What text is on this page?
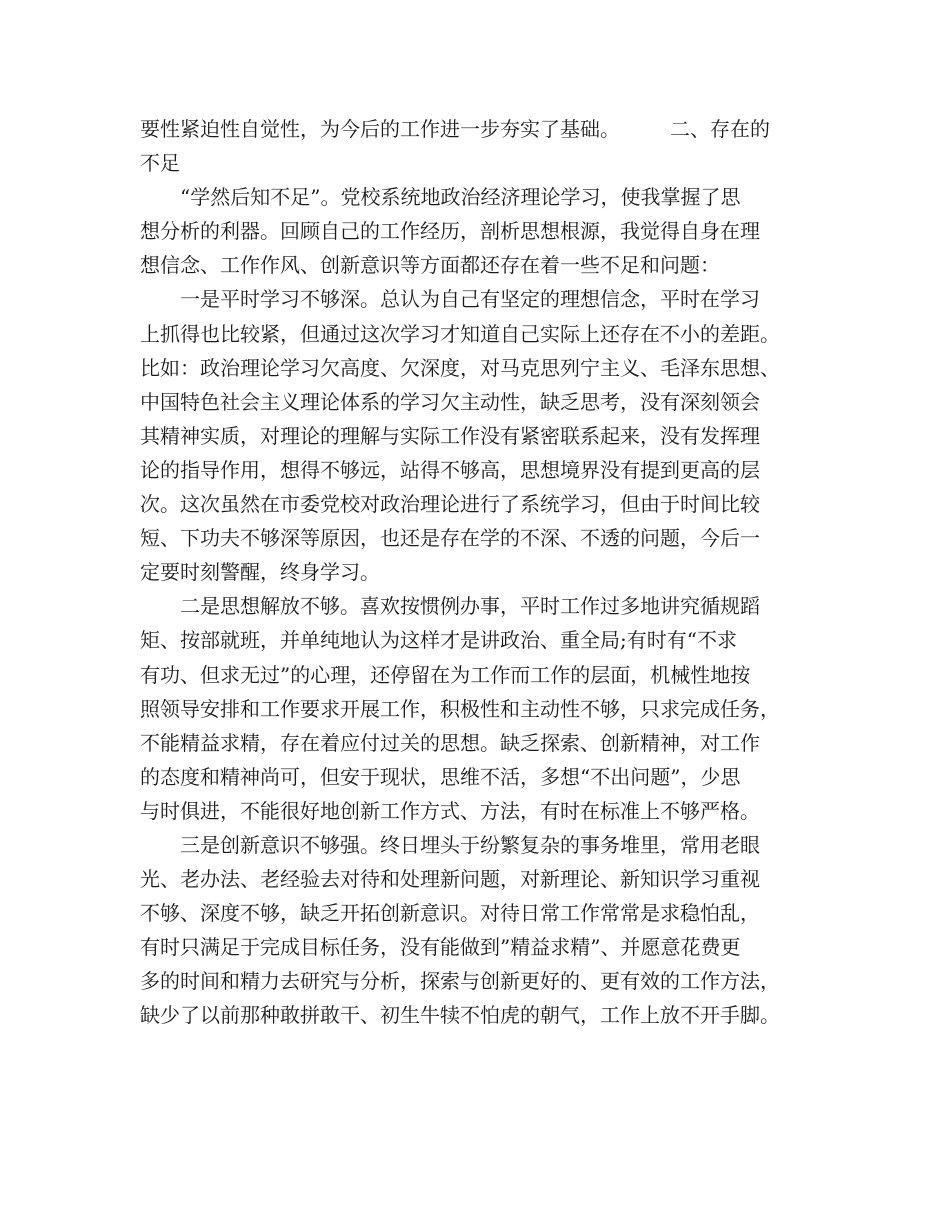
要性紧迫性自觉性，为今后的工作进一步夯实了基础。　　　二、存在的
不足
　　“学然后知不足”。党校系统地政治经济理论学习，使我掌握了思
想分析的利器。回顾自己的工作经历，剖析思想根源，我觉得自身在理
想信念、工作作风、创新意识等方面都还存在着一些不足和问题：
　　一是平时学习不够深。总认为自己有坚定的理想信念，平时在学习
上抓得也比较紧，但通过这次学习才知道自己实际上还存在不小的差距。
比如：政治理论学习欠高度、欠深度，对马克思列宁主义、毛泽东思想、
中国特色社会主义理论体系的学习欠主动性，缺乏思考，没有深刻领会
其精神实质，对理论的理解与实际工作没有紧密联系起来，没有发挥理
论的指导作用，想得不够远，站得不够高，思想境界没有提到更高的层
次。这次虽然在市委党校对政治理论进行了系统学习，但由于时间比较
短、下功夫不够深等原因，也还是存在学的不深、不透的问题，今后一
定要时刻警醒，终身学习。
　　二是思想解放不够。喜欢按惯例办事，平时工作过多地讲究循规蹈
矩、按部就班，并单纯地认为这样才是讲政治、重全局;有时有“不求
有功、但求无过”的心理，还停留在为工作而工作的层面，机械性地按
照领导安排和工作要求开展工作，积极性和主动性不够，只求完成任务，
不能精益求精，存在着应付过关的思想。缺乏探索、创新精神，对工作
的态度和精神尚可，但安于现状，思维不活，多想“不出问题”，少思
与时俱进，不能很好地创新工作方式、方法，有时在标准上不够严格。
　　三是创新意识不够强。终日埋头于纷繁复杂的事务堆里，常用老眼
光、老办法、老经验去对待和处理新问题，对新理论、新知识学习重视
不够、深度不够，缺乏开拓创新意识。对待日常工作常常是求稳怕乱，
有时只满足于完成目标任务，没有能做到”精益求精”、并愿意花费更
多的时间和精力去研究与分析，探索与创新更好的、更有效的工作方法，
缺少了以前那种敢拼敢干、初生牛犊不怕虎的朝气，工作上放不开手脚。
